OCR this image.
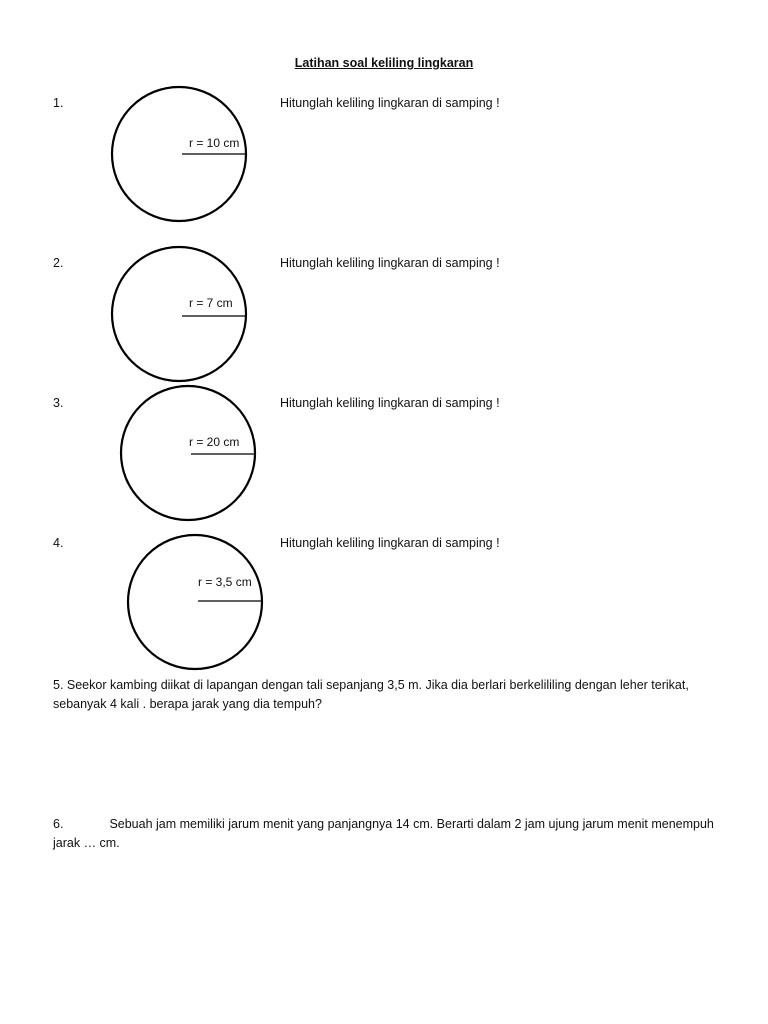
Latihan soal keliling lingkaran
1.
r = 10 cm
Hitunglah keliling lingkaran di samping !
2.
r = 7 cm
Hitunglah keliling lingkaran di samping !
3.
r = 20 cm
Hitunglah keliling lingkaran di samping !
4.
r = 3,5 cm
Hitunglah keliling lingkaran di samping !
5. Seekor kambing diikat di lapangan dengan tali sepanjang 3,5 m. Jika dia berlari berkelililing dengan leher terikat, sebanyak 4 kali . berapa jarak yang dia tempuh?
6.	Sebuah jam memiliki jarum menit yang panjangnya 14 cm. Berarti dalam 2 jam ujung jarum menit menempuh jarak … cm.
